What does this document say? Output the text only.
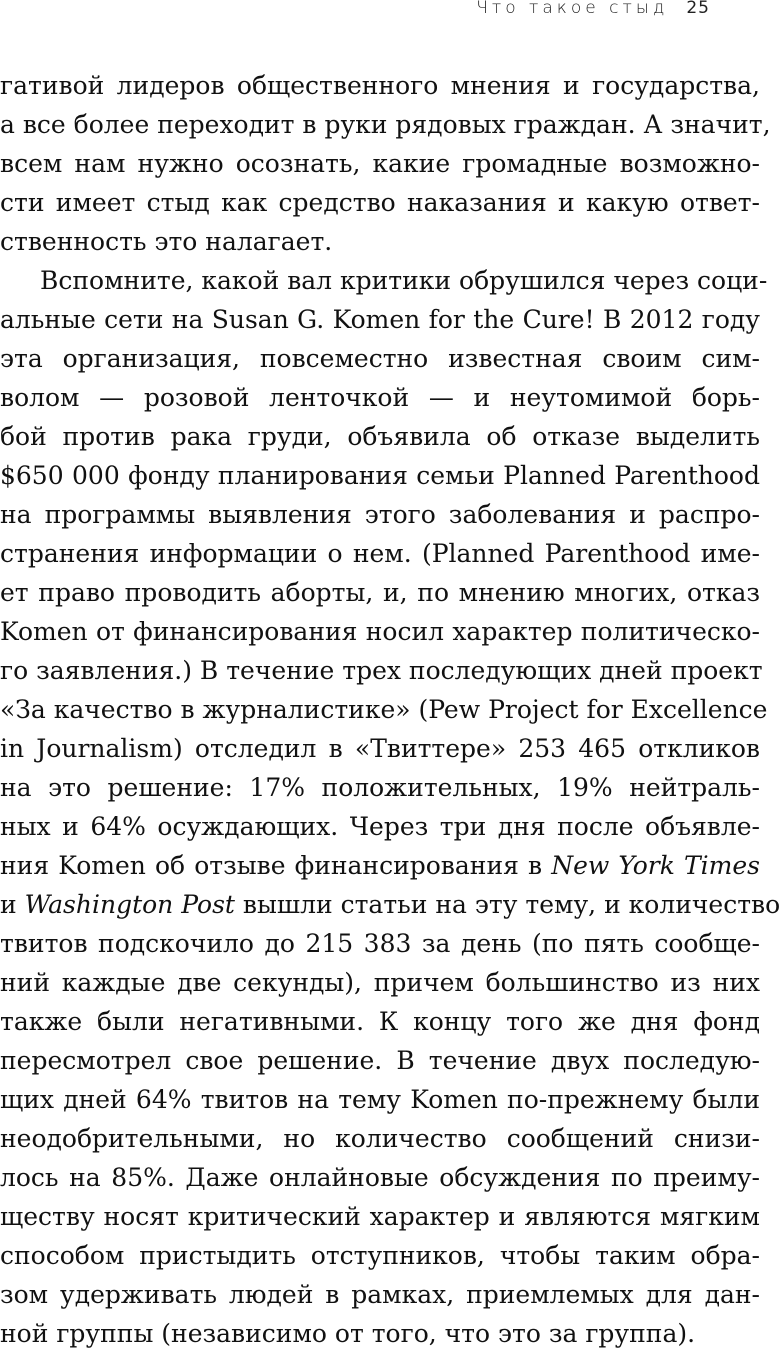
Что такое стыд 25
гативой лидеров общественного мнения и государства,
а все более переходит в руки рядовых граждан. А значит,
всем нам нужно осознать, какие громадные возможно-
сти имеет стыд как средство наказания и какую ответ-
ственность это налагает.
Вспомните, какой вал критики обрушился через соци-
альные сети на Susan G. Komen for the Cure! В 2012 году
эта организация, повсеместно известная своим сим-
волом — розовой ленточкой — и неутомимой борь-
бой против рака груди, объявила об отказе выделить
$650 000 фонду планирования семьи Planned Parenthood
на программы выявления этого заболевания и распро-
странения информации о нем. (Planned Parenthood име-
ет право проводить аборты, и, по мнению многих, отказ
Komen от финансирования носил характер политическо-
го заявления.) В течение трех последующих дней проект
«За качество в журналистике» (Pew Project for Excellence
in Journalism) отследил в «Твиттере» 253 465 откликов
на это решение: 17% положительных, 19% нейтраль-
ных и 64% осуждающих. Через три дня после объявле-
ния Komen об отзыве финансирования в New York Times
и Washington Post вышли статьи на эту тему, и количество
твитов подскочило до 215 383 за день (по пять сообще-
ний каждые две секунды), причем большинство из них
также были негативными. К концу того же дня фонд
пересмотрел свое решение. В течение двух последую-
щих дней 64% твитов на тему Komen по-прежнему были
неодобрительными, но количество сообщений снизи-
лось на 85%. Даже онлайновые обсуждения по преиму-
ществу носят критический характер и являются мягким
способом пристыдить отступников, чтобы таким обра-
зом удерживать людей в рамках, приемлемых для дан-
ной группы (независимо от того, что это за группа).
